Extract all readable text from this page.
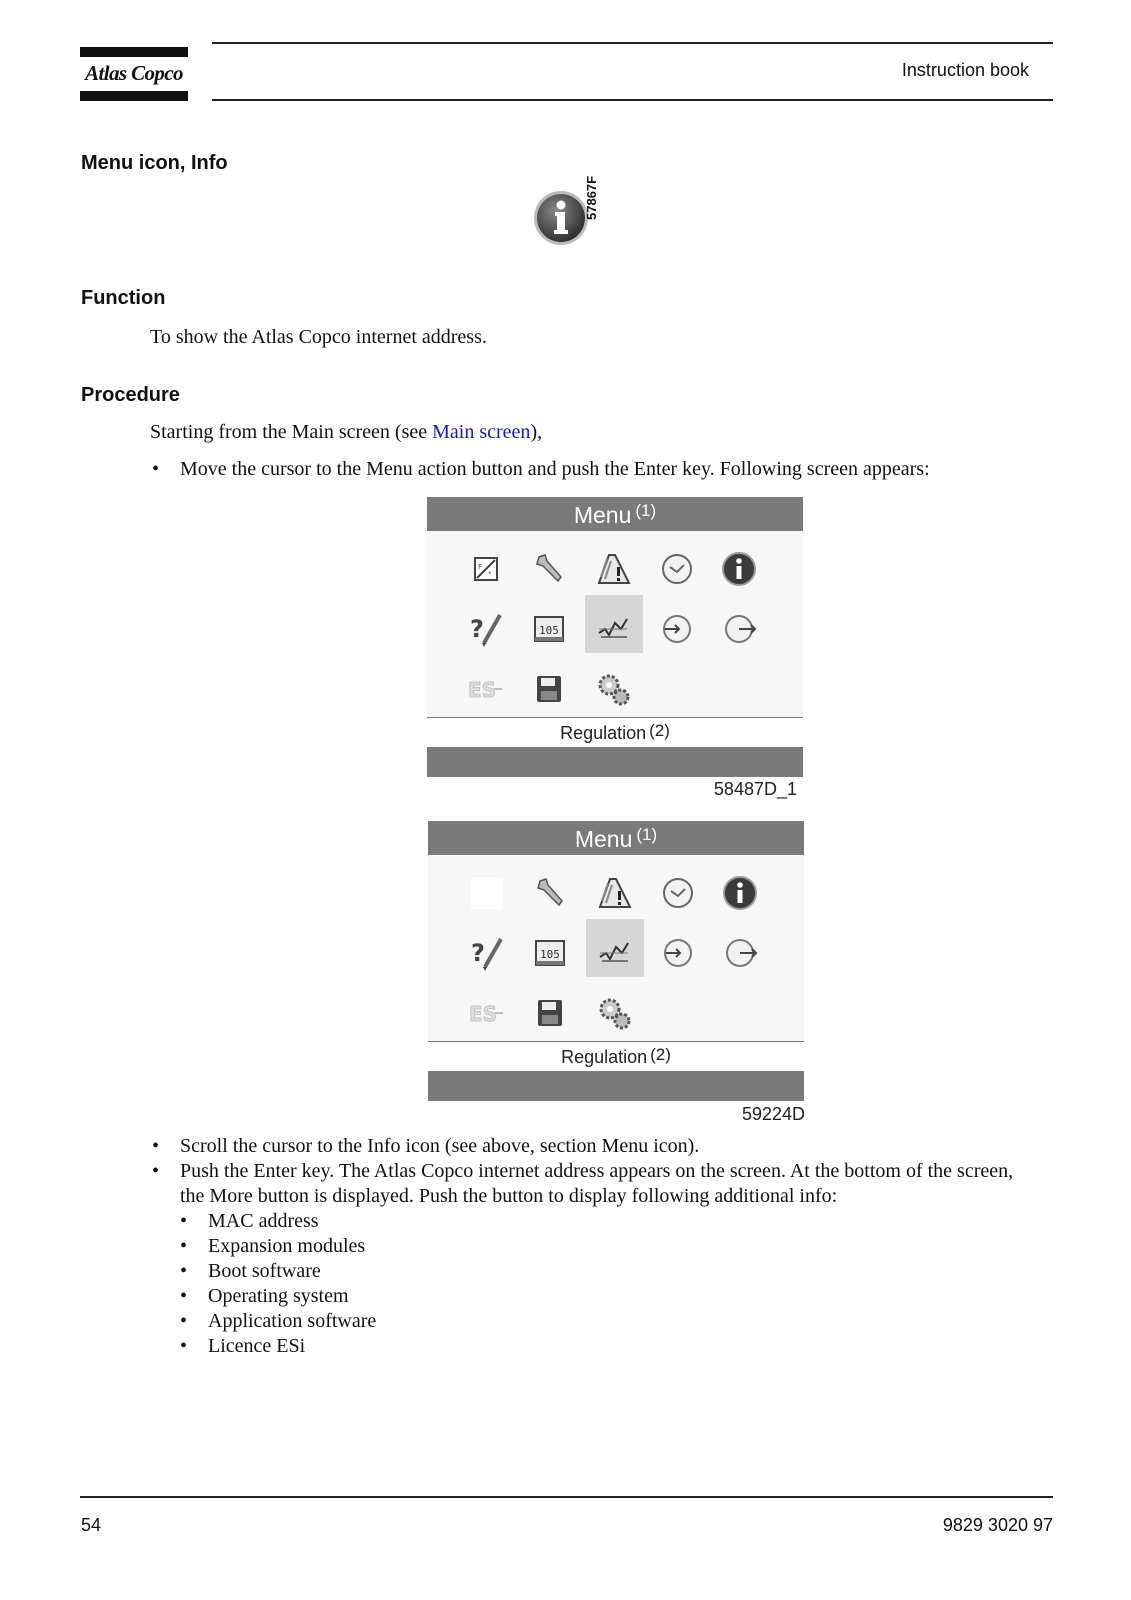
Atlas Copco	Instruction book
Menu icon, Info
57867F
Function
To show the Atlas Copco internet address.
Procedure
Starting from the Main screen (see Main screen),
• Move the cursor to the Menu action button and push the Enter key. Following screen appears:
Menu $^{(1)}$
F
°
?	105
ES
Regulation (2)
58487D_1
Menu $^{(1)}$
?	105
ES
Regulation (2)
59224D
• Scroll the cursor to the Info icon (see above, section Menu icon).
• Push the Enter key. The Atlas Copco internet address appears on the screen. At the bottom of the screen,
the More button is displayed. Push the button to display following additional info:
• MAC address
• Expansion modules
• Boot software
• Operating system
• Application software
• Licence ESi
54	9829 3020 97
